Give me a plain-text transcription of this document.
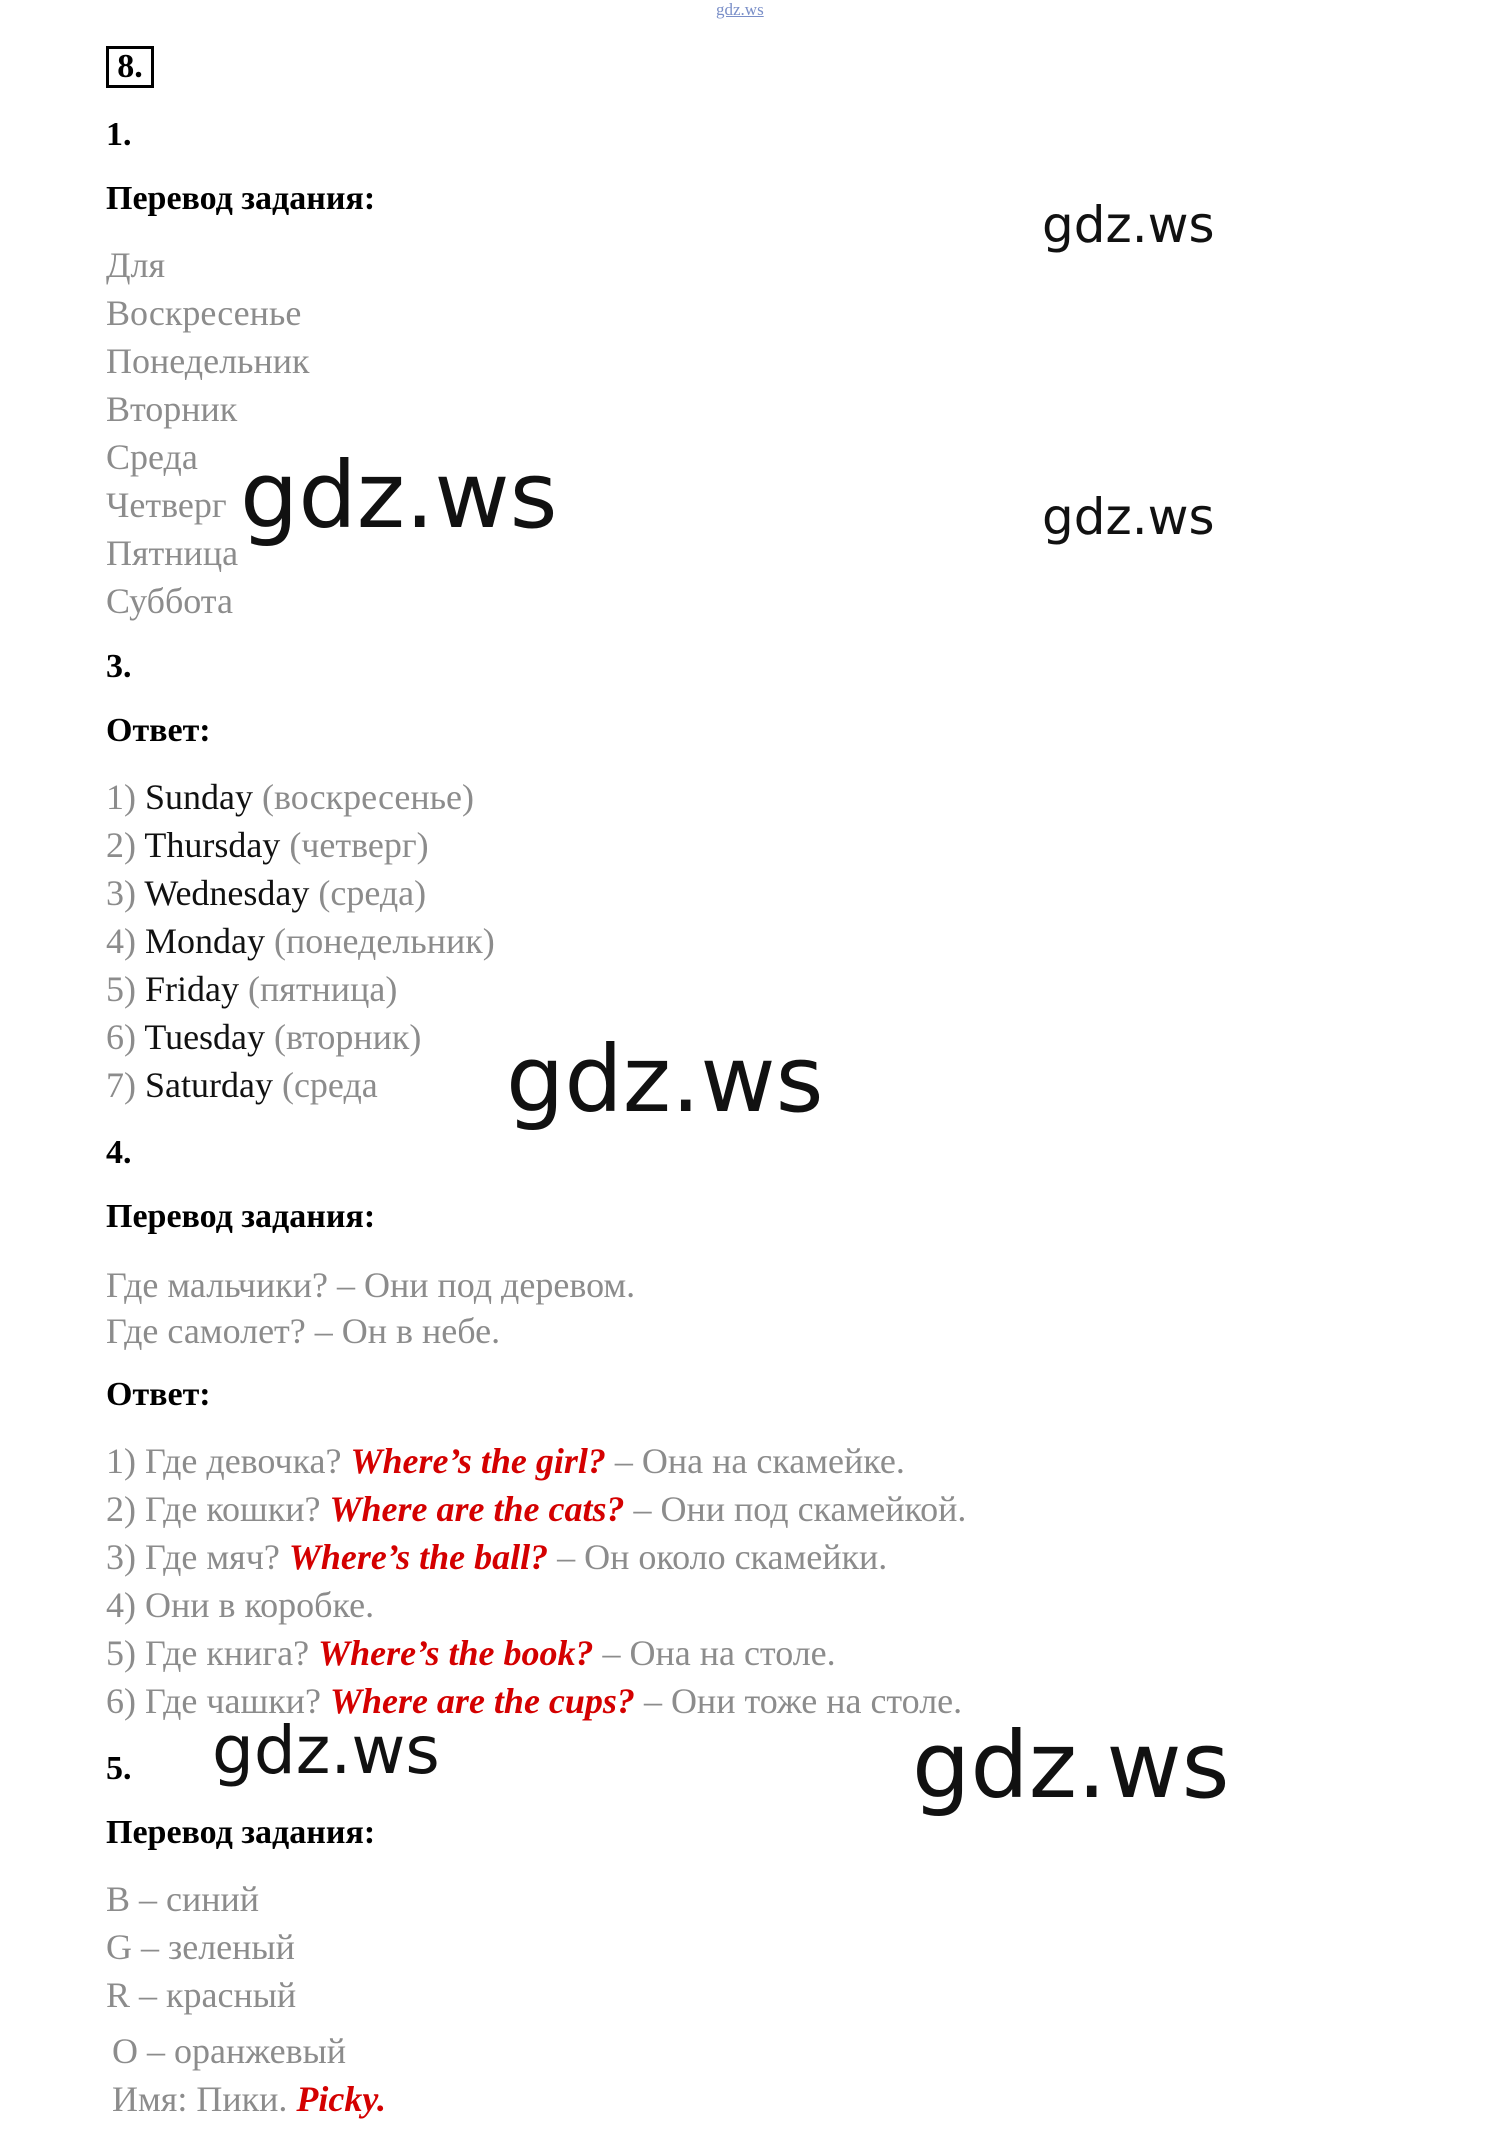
gdz.ws
8.
1.
Перевод задания:
Для
Воскресенье
Понедельник
Вторник
Среда
Четверг
Пятница
Суббота
3.
Ответ:
1) Sunday (воскресенье)
2) Thursday (четверг)
3) Wednesday (среда)
4) Monday (понедельник)
5) Friday (пятница)
6) Tuesday (вторник)
7) Saturday (среда
4.
Перевод задания:
Где мальчики? – Они под деревом.
Где самолет? – Он в небе.
Ответ:
1) Где девочка? Where’s the girl? – Она на скамейке.
2) Где кошки? Where are the cats? – Они под скамейкой.
3) Где мяч? Where’s the ball? – Он около скамейки.
4) Они в коробке.
5) Где книга? Where’s the book? – Она на столе.
6) Где чашки? Where are the cups? – Они тоже на столе.
5.
Перевод задания:
B – синий
G – зеленый
R – красный
O – оранжевый
Имя: Пики. Picky.
gdz.ws
gdz.ws	gdz.ws
gdz.ws
gdz.ws	gdz.ws
